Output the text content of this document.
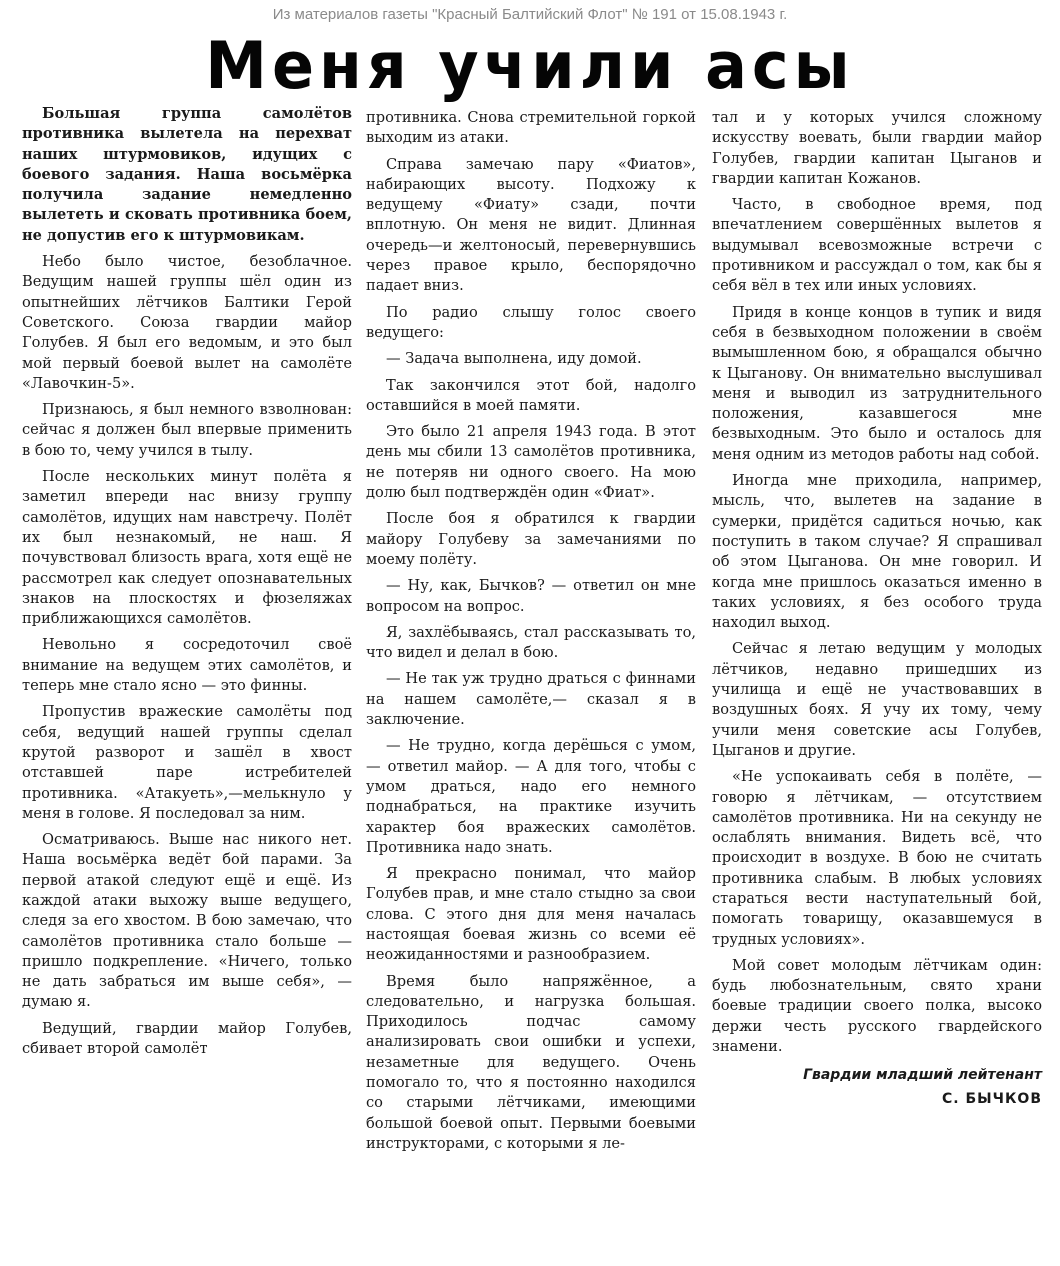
Из материалов газеты "Красный Балтийский Флот" № 191 от 15.08.1943 г.
Меня учили асы

Большая группа самолётов противника вылетела на перехват наших штурмовиков, идущих с боевого задания. Наша восьмёрка получила задание немедленно вылететь и сковать противника боем, не допустив его к штурмовикам.

Небо было чистое, безоблачное. Ведущим нашей группы шёл один из опытнейших лётчиков Балтики Герой Советского. Союза гвардии майор Голубев. Я был его ведомым, и это был мой первый боевой вылет на самолёте «Лавочкин-5».

Признаюсь, я был немного взволнован: сейчас я должен был впервые применить в бою то, чему учился в тылу.

После нескольких минут полёта я заметил впереди нас внизу группу самолётов, идущих нам навстречу. Полёт их был незнакомый, не наш. Я почувствовал близость врага, хотя ещё не рассмотрел как следует опознавательных знаков на плоскостях и фюзеляжах приближающихся самолётов.

Невольно я сосредоточил своё внимание на ведущем этих самолётов, и теперь мне стало ясно — это финны.

Пропустив вражеские самолёты под себя, ведущий нашей группы сделал крутой разворот и зашёл в хвост отставшей паре истребителей противника. «Атакуеть»,—мелькнуло у меня в голове. Я последовал за ним.

Осматриваюсь. Выше нас никого нет. Наша восьмёрка ведёт бой парами. За первой атакой следуют ещё и ещё. Из каждой атаки выхожу выше ведущего, следя за его хвостом. В бою замечаю, что самолётов противника стало больше — пришло подкрепление. «Ничего, только не дать забраться им выше себя», — думаю я.

Ведущий, гвардии майор Голубев, сбивает второй самолёт

противника. Снова стремительной горкой выходим из атаки.

Справа замечаю пару «Фиатов», набирающих высоту. Подхожу к ведущему «Фиату» сзади, почти вплотную. Он меня не видит. Длинная очередь—и желтоносый, перевернувшись через правое крыло, беспорядочно падает вниз.

По радио слышу голос своего ведущего:

— Задача выполнена, иду домой.

Так закончился этот бой, надолго оставшийся в моей памяти.

Это было 21 апреля 1943 года. В этот день мы сбили 13 самолётов противника, не потеряв ни одного своего. На мою долю был подтверждён один «Фиат».

После боя я обратился к гвардии майору Голубеву за замечаниями по моему полёту.

— Ну, как, Бычков? — ответил он мне вопросом на вопрос.

Я, захлёбываясь, стал рассказывать то, что видел и делал в бою.

— Не так уж трудно драться с финнами на нашем самолёте,— сказал я в заключение.

— Не трудно, когда дерёшься с умом, — ответил майор. — А для того, чтобы с умом драться, надо его немного поднабраться, на практике изучить характер боя вражеских самолётов. Противника надо знать.

Я прекрасно понимал, что майор Голубев прав, и мне стало стыдно за свои слова. С этого дня для меня началась настоящая боевая жизнь со всеми её неожиданностями и разнообразием.

Время было напряжённое, а следовательно, и нагрузка большая. Приходилось подчас самому анализировать свои ошибки и успехи, незаметные для ведущего. Очень помогало то, что я постоянно находился со старыми лётчиками, имеющими большой боевой опыт. Первыми боевыми инструкторами, с которыми я ле-

тал и у которых учился сложному искусству воевать, были гвардии майор Голубев, гвардии капитан Цыганов и гвардии капитан Кожанов.

Часто, в свободное время, под впечатлением совершённых вылетов я выдумывал всевозможные встречи с противником и рассуждал о том, как бы я себя вёл в тех или иных условиях.

Придя в конце концов в тупик и видя себя в безвыходном положении в своём вымышленном бою, я обращался обычно к Цыганову. Он внимательно выслушивал меня и выводил из затруднительного положения, казавшегося мне безвыходным. Это было и осталось для меня одним из методов работы над собой.

Иногда мне приходила, например, мысль, что, вылетев на задание в сумерки, придётся садиться ночью, как поступить в таком случае? Я спрашивал об этом Цыганова. Он мне говорил. И когда мне пришлось оказаться именно в таких условиях, я без особого труда находил выход.

Сейчас я летаю ведущим у молодых лётчиков, недавно пришедших из училища и ещё не участвовавших в воздушных боях. Я учу их тому, чему учили меня советские асы Голубев, Цыганов и другие.

«Не успокаивать себя в полёте, — говорю я лётчикам, — отсутствием самолётов противника. Ни на секунду не ослаблять внимания. Видеть всё, что происходит в воздухе. В бою не считать противника слабым. В любых условиях стараться вести наступательный бой, помогать товарищу, оказавшемуся в трудных условиях».

Мой совет молодым лётчикам один: будь любознательным, свято храни боевые традиции своего полка, высоко держи честь русского гвардейского знамени.

Гвардии младший лейтенант
С. БЫЧКОВ
